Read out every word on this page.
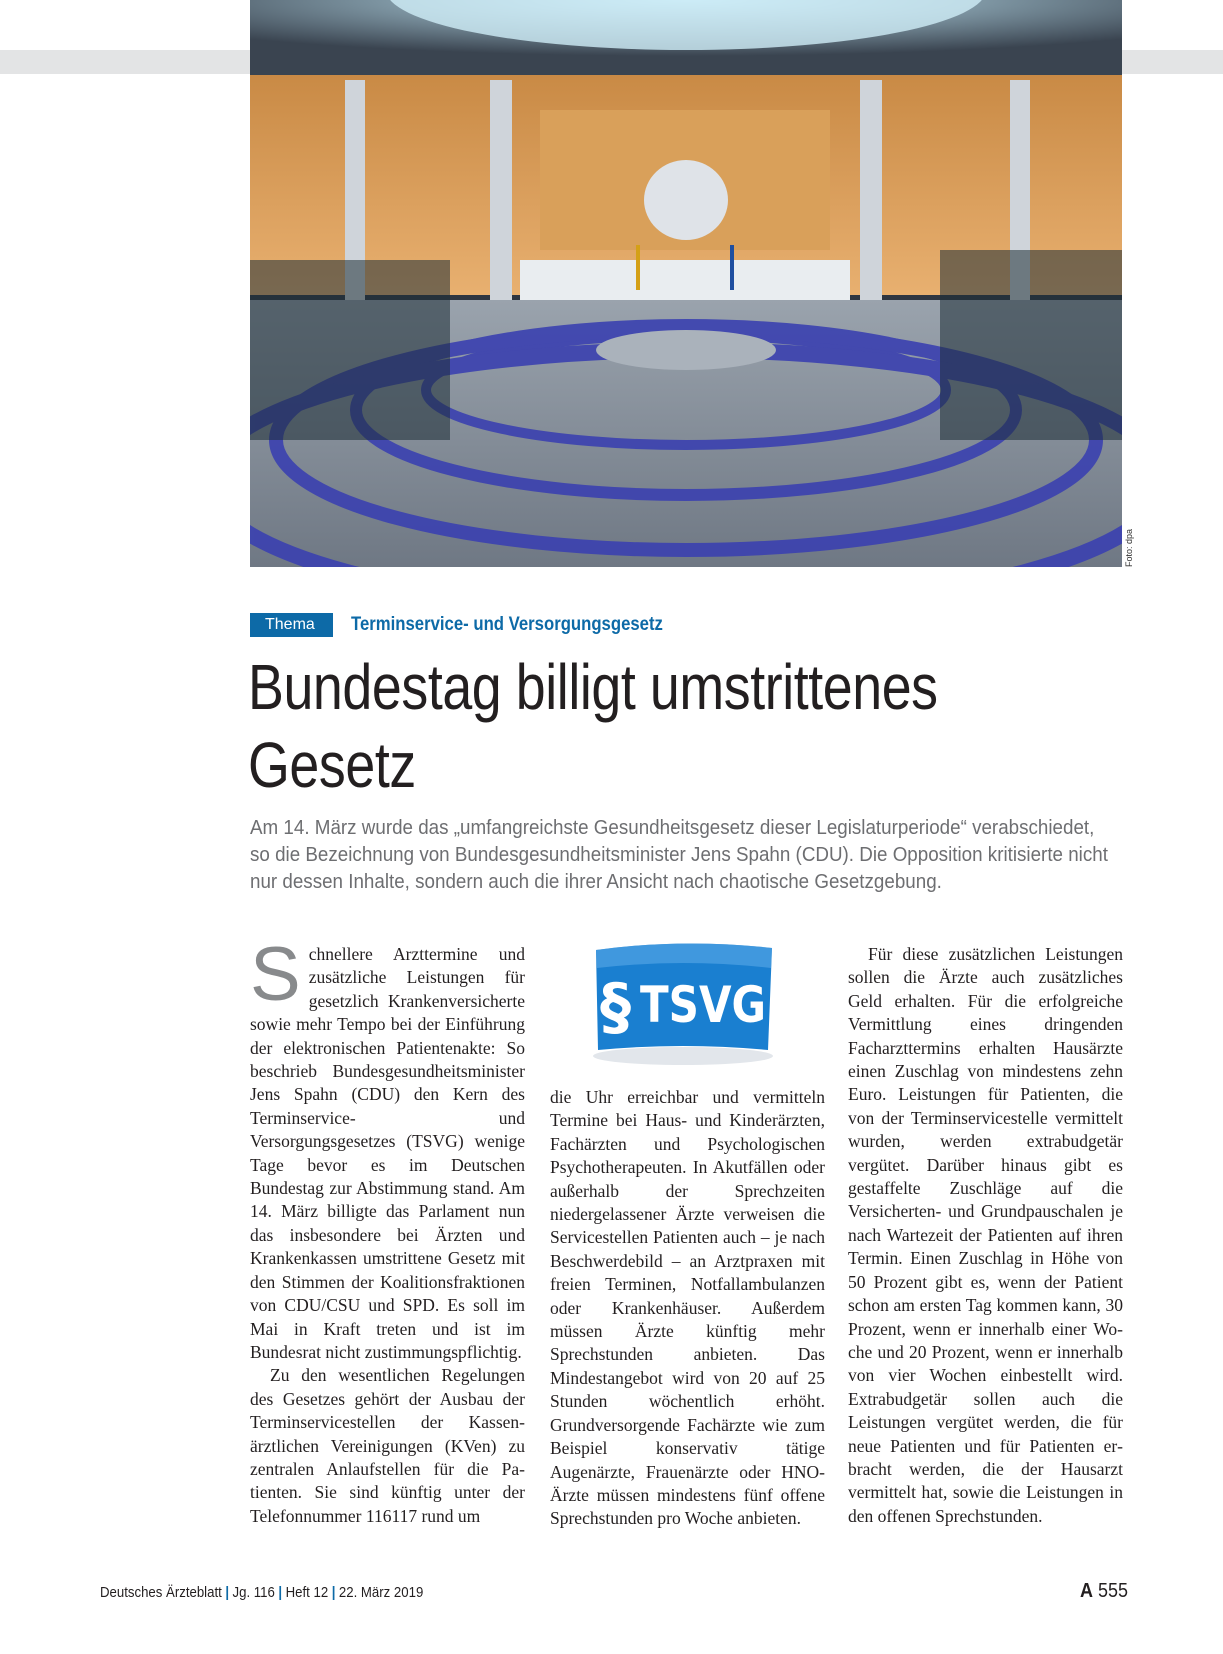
Foto: dpa
Thema	Terminservice- und Versorgungsgesetz
Bundestag billigt umstrittenes Gesetz

Am 14. März wurde das „umfangreichste Gesundheitsgesetz dieser Legislaturperiode“ verabschiedet, so die Bezeichnung von Bundesgesundheitsminister Jens Spahn (CDU). Die Opposition kritisierte nicht nur dessen Inhalte, sondern auch die ihrer Ansicht nach chaotische Gesetzgebung.

Schnellere Arzttermine und zusätzliche Leistungen für gesetzlich Krankenversicherte sowie mehr Tempo bei der Einführung der elektronischen Patientenakte: So beschrieb Bundesgesundheitsminister Jens Spahn (CDU) den Kern des Terminservice- und Versorgungsgesetzes (TSVG) wenige Tage bevor es im Deutschen Bundestag zur Abstimmung stand. Am 14. März billigte das Parlament nun das insbesondere bei Ärzten und Krankenkassen umstrittene Gesetz mit den Stimmen der Koalitionsfraktionen von CDU/CSU und SPD. Es soll im Mai in Kraft treten und ist im Bundesrat nicht zustimmungspflichtig.

Zu den wesentlichen Regelungen des Gesetzes gehört der Ausbau der Terminservicestellen der Kassenärztlichen Vereinigungen (KVen) zu zentralen Anlaufstellen für die Patienten. Sie sind künftig unter der Telefonnummer 116117 rund um

§ TSVG

die Uhr erreichbar und vermitteln Termine bei Haus- und Kinderärzten, Fachärzten und Psychologischen Psychotherapeuten. In Akutfällen oder außerhalb der Sprechzeiten niedergelassener Ärzte verweisen die Servicestellen Patienten auch – je nach Beschwerdebild – an Arztpraxen mit freien Terminen, Notfallambulanzen oder Krankenhäuser. Außerdem müssen Ärzte künftig mehr Sprechstunden anbieten. Das Mindestangebot wird von 20 auf 25 Stunden wöchentlich erhöht. Grundversorgende Fachärzte wie zum Beispiel konservativ tätige Augenärzte, Frauenärzte oder HNO-Ärzte müssen mindestens fünf offene Sprechstunden pro Woche anbieten.

Für diese zusätzlichen Leistungen sollen die Ärzte auch zusätzliches Geld erhalten. Für die erfolgreiche Vermittlung eines dringenden Facharzttermins erhalten Hausärzte einen Zuschlag von mindestens zehn Euro. Leistungen für Patienten, die von der Terminservicestelle vermittelt wurden, werden extrabudgetär vergütet. Darüber hinaus gibt es gestaffelte Zuschläge auf die Versicherten- und Grundpauschalen je nach Wartezeit der Patienten auf ihren Termin. Einen Zuschlag in Höhe von 50 Prozent gibt es, wenn der Patient schon am ersten Tag kommen kann, 30 Prozent, wenn er innerhalb einer Woche und 20 Prozent, wenn er innerhalb von vier Wochen einbestellt wird. Extrabudgetär sollen auch die Leistungen vergütet werden, die für neue Patienten und für Patienten erbracht werden, die der Hausarzt vermittelt hat, sowie die Leistungen in den offenen Sprechstunden.

Deutsches Ärzteblatt | Jg. 116 | Heft 12 | 22. März 2019	A 555
